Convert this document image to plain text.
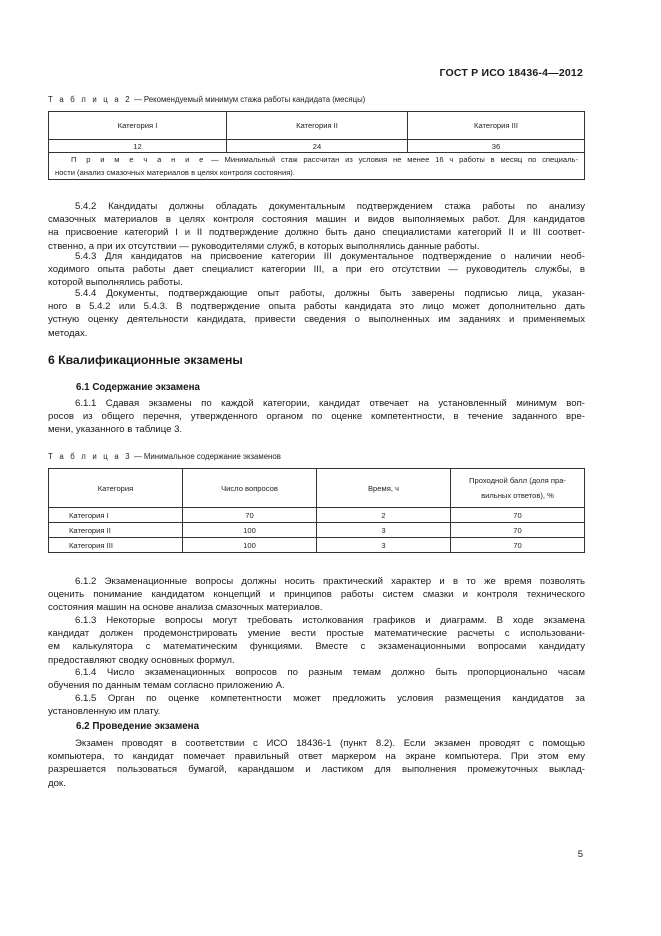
ГОСТ Р ИСО 18436-4—2012
Т а б л и ц а 2 — Рекомендуемый минимум стажа работы кандидата (месяцы)
Категория I	Категория II	Категория III
12	24	36

П р и м е ч а н и е — Минимальный стаж рассчитан из условия не менее 16 ч работы в месяц по специаль-
ности (анализ смазочных материалов в целях контроля состояния).		
5.4.2 Кандидаты должны обладать документальным подтверждением стажа работы по анализу
смазочных материалов в целях контроля состояния машин и видов выполняемых работ. Для кандидатов
на присвоение категорий I и II подтверждение должно быть дано специалистами категорий II и III соответ-
ственно, а при их отсутствии — руководителями служб, в которых выполнялись данные работы.
5.4.3 Для кандидатов на присвоение категории III документальное подтверждение о наличии необ-
ходимого опыта работы дает специалист категории III, а при его отсутствии — руководитель службы, в
которой выполнялись работы.
5.4.4 Документы, подтверждающие опыт работы, должны быть заверены подписью лица, указан-
ного в 5.4.2 или 5.4.3. В подтверждение опыта работы кандидата это лицо может дополнительно дать
устную оценку деятельности кандидата, привести сведения о выполненных им заданиях и применяемых
методах.
6 Квалификационные экзамены
6.1 Содержание экзамена
6.1.1 Сдавая экзамены по каждой категории, кандидат отвечает на установленный минимум воп-
росов из общего перечня, утвержденного органом по оценке компетентности, в течение заданного вре-
мени, указанного в таблице 3.
Т а б л и ц а 3 — Минимальное содержание экзаменов
Категория	Число вопросов	Время, ч	Проходной балл (доля пра-
вильных ответов), %

Категория I	70	2	70
Категория II	100	3	70
Категория III	100	3	70
6.1.2 Экзаменационные вопросы должны носить практический характер и в то же время позволять
оценить понимание кандидатом концепций и принципов работы систем смазки и контроля технического
состояния машин на основе анализа смазочных материалов.
6.1.3 Некоторые вопросы могут требовать истолкования графиков и диаграмм. В ходе экзамена
кандидат должен продемонстрировать умение вести простые математические расчеты с использовани-
ем калькулятора с математическим функциями. Вместе с экзаменационными вопросами кандидату
предоставляют сводку основных формул.
6.1.4 Число экзаменационных вопросов по разным темам должно быть пропорционально часам
обучения по данным темам согласно приложению А.
6.1.5 Орган по оценке компетентности может предложить условия размещения кандидатов за
установленную им плату.
6.2 Проведение экзамена
Экзамен проводят в соответствии с ИСО 18436-1 (пункт 8.2). Если экзамен проводят с помощью
компьютера, то кандидат помечает правильный ответ маркером на экране компьютера. При этом ему
разрешается пользоваться бумагой, карандашом и ластиком для выполнения промежуточных выклад-
док.
5
